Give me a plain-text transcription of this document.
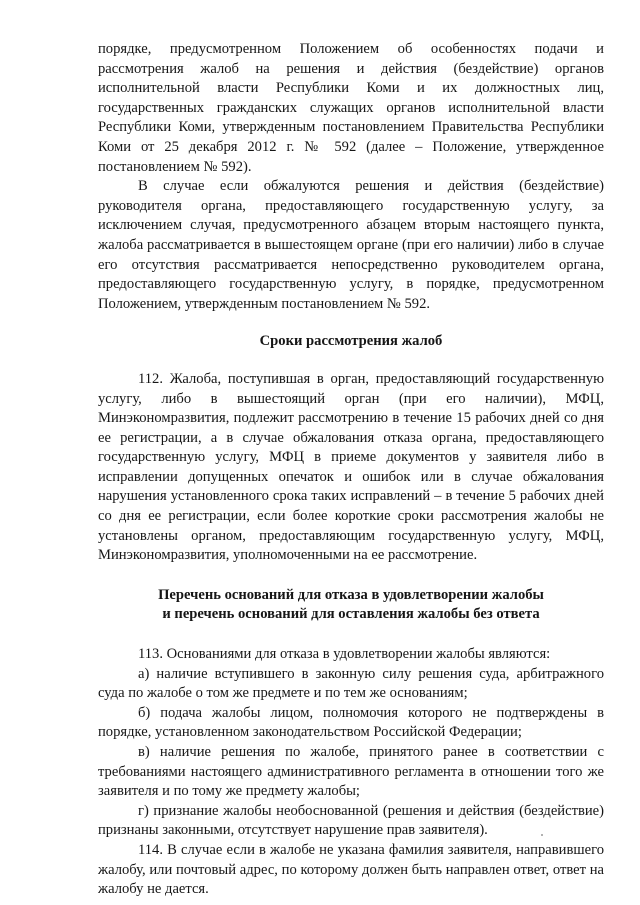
порядке, предусмотренном Положением об особенностях подачи и рассмотрения жалоб на решения и действия (бездействие) органов исполнительной власти Республики Коми и их должностных лиц, государственных гражданских служащих органов исполнительной власти Республики Коми, утвержденным постановлением Правительства Республики Коми от 25 декабря 2012 г. № 592 (далее – Положение, утвержденное постановлением № 592).

В случае если обжалуются решения и действия (бездействие) руководителя органа, предоставляющего государственную услугу, за исключением случая, предусмотренного абзацем вторым настоящего пункта, жалоба рассматривается в вышестоящем органе (при его наличии) либо в случае его отсутствия рассматривается непосредственно руководителем органа, предоставляющего государственную услугу, в порядке, предусмотренном Положением, утвержденным постановлением № 592.

Сроки рассмотрения жалоб

112. Жалоба, поступившая в орган, предоставляющий государственную услугу, либо в вышестоящий орган (при его наличии), МФЦ, Минэкономразвития, подлежит рассмотрению в течение 15 рабочих дней со дня ее регистрации, а в случае обжалования отказа органа, предоставляющего государственную услугу, МФЦ в приеме документов у заявителя либо в исправлении допущенных опечаток и ошибок или в случае обжалования нарушения установленного срока таких исправлений – в течение 5 рабочих дней со дня ее регистрации, если более короткие сроки рассмотрения жалобы не установлены органом, предоставляющим государственную услугу, МФЦ, Минэкономразвития, уполномоченными на ее рассмотрение.

Перечень оснований для отказа в удовлетворении жалобы

и перечень оснований для оставления жалобы без ответа

113. Основаниями для отказа в удовлетворении жалобы являются:

а) наличие вступившего в законную силу решения суда, арбитражного суда по жалобе о том же предмете и по тем же основаниям;

б) подача жалобы лицом, полномочия которого не подтверждены в порядке, установленном законодательством Российской Федерации;

в) наличие решения по жалобе, принятого ранее в соответствии с требованиями настоящего административного регламента в отношении того же заявителя и по тому же предмету жалобы;

г) признание жалобы необоснованной (решения и действия (бездействие) признаны законными, отсутствует нарушение прав заявителя).

114. В случае если в жалобе не указана фамилия заявителя, направившего жалобу, или почтовый адрес, по которому должен быть направлен ответ, ответ на жалобу не дается.
